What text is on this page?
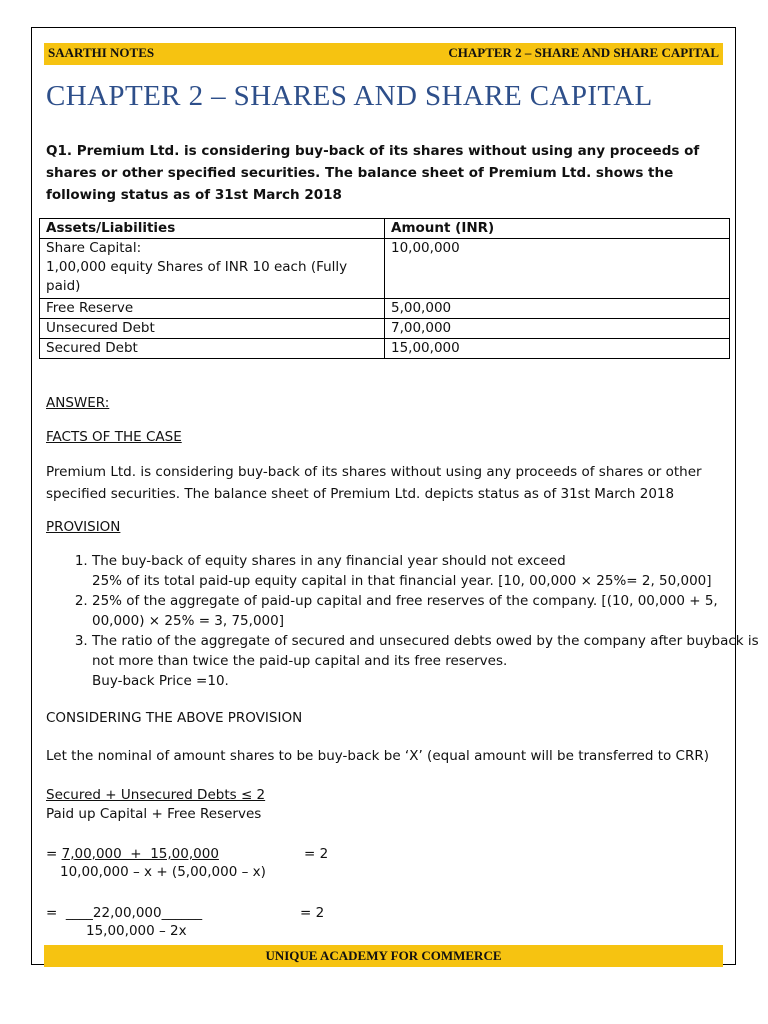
SAARTHI NOTES	CHAPTER 2 – SHARE AND SHARE CAPITAL
CHAPTER 2 – SHARES AND SHARE CAPITAL
Q1. Premium Ltd. is considering buy-back of its shares without using any proceeds of shares or other specified securities. The balance sheet of Premium Ltd. shows the following status as of 31st March 2018
Assets/Liabilities	Amount (INR)

Share Capital:
1,00,000 equity Shares of INR 10 each (Fully paid)	10,00,000
Free Reserve	5,00,000
Unsecured Debt	7,00,000
Secured Debt	15,00,000
ANSWER:
FACTS OF THE CASE
Premium Ltd. is considering buy-back of its shares without using any proceeds of shares or other specified securities. The balance sheet of Premium Ltd. depicts status as of 31st March 2018
PROVISION
1. The buy-back of equity shares in any financial year should not exceed
25% of its total paid-up equity capital in that financial year. [10, 00,000 × 25%= 2, 50,000]
2. 25% of the aggregate of paid-up capital and free reserves of the company. [(10, 00,000 + 5, 00,000) × 25% = 3, 75,000]
3. The ratio of the aggregate of secured and unsecured debts owed by the company after buyback is not more than twice the paid-up capital and its free reserves.
Buy-back Price =10.
CONSIDERING THE ABOVE PROVISION
Let the nominal of amount shares to be buy-back be ‘X’ (equal amount will be transferred to CRR)
Secured + Unsecured Debts ≤ 2
Paid up Capital + Free Reserves
= 7,00,000  +  15,00,000	= 2
10,00,000 – x + (5,00,000 – x)
=  ____22,00,000______	= 2
15,00,000 – 2x
UNIQUE ACADEMY FOR COMMERCE
